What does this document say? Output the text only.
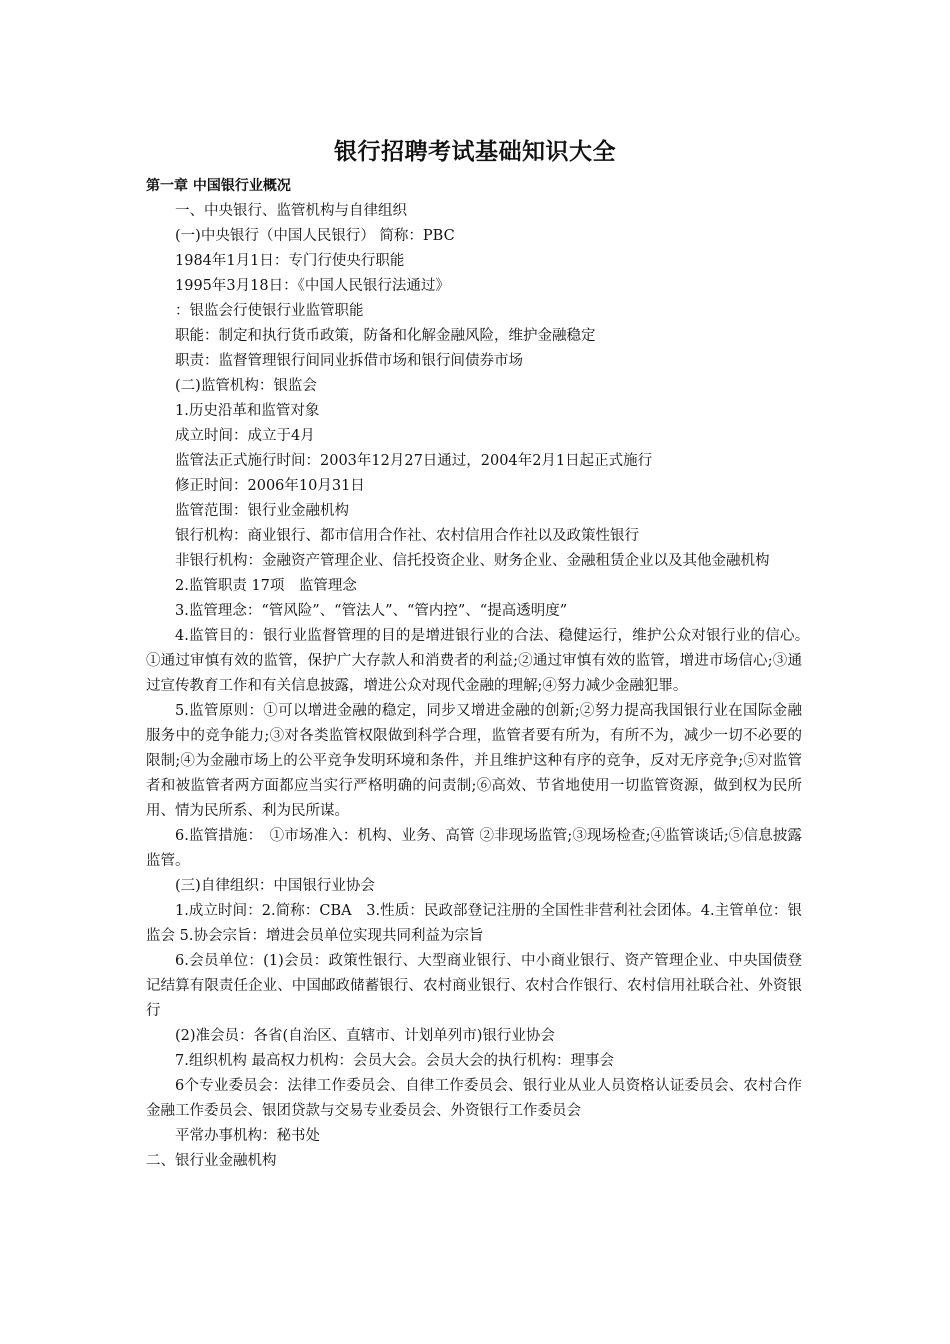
银行招聘考试基础知识大全

第一章 中国银行业概况

一、中央银行、监管机构与自律组织

(一)中央银行（中国人民银行） 简称：PBC

1984年1月1日：专门行使央行职能

1995年3月18日：《中国人民银行法通过》

：银监会行使银行业监管职能

职能：制定和执行货币政策，防备和化解金融风险，维护金融稳定

职责：监督管理银行间同业拆借市场和银行间债券市场

(二)监管机构：银监会

1.历史沿革和监管对象

成立时间：成立于4月

监管法正式施行时间：2003年12月27日通过，2004年2月1日起正式施行

修正时间：2006年10月31日

监管范围：银行业金融机构

银行机构：商业银行、都市信用合作社、农村信用合作社以及政策性银行

非银行机构：金融资产管理企业、信托投资企业、财务企业、金融租赁企业以及其他金融机构

2.监管职责 17项　监管理念

3.监管理念：“管风险”、“管法人”、“管内控”、“提高透明度”

4.监管目的：银行业监督管理的目的是增进银行业的合法、稳健运行，维护公众对银行业的信心。　①通过审慎有效的监管，保护广大存款人和消费者的利益;②通过审慎有效的监管，增进市场信心;③通过宣传教育工作和有关信息披露，增进公众对现代金融的理解;④努力减少金融犯罪。

5.监管原则：①可以增进金融的稳定，同步又增进金融的创新;②努力提高我国银行业在国际金融服务中的竞争能力;③对各类监管权限做到科学合理，监管者要有所为，有所不为，减少一切不必要的限制;④为金融市场上的公平竞争发明环境和条件，并且维护这种有序的竞争，反对无序竞争;⑤对监管者和被监管者两方面都应当实行严格明确的问责制;⑥高效、节省地使用一切监管资源，做到权为民所用、情为民所系、利为民所谋。

6.监管措施：　①市场准入：机构、业务、高管 ②非现场监管;③现场检查;④监管谈话;⑤信息披露监管。

(三)自律组织：中国银行业协会

1.成立时间：2.简称：CBA　3.性质：民政部登记注册的全国性非营利社会团体。4.主管单位：银监会 5.协会宗旨：增进会员单位实现共同利益为宗旨

6.会员单位：(1)会员：政策性银行、大型商业银行、中小商业银行、资产管理企业、中央国债登记结算有限责任企业、中国邮政储蓄银行、农村商业银行、农村合作银行、农村信用社联合社、外资银行

(2)准会员：各省(自治区、直辖市、计划单列市)银行业协会

7.组织机构 最高权力机构：会员大会。会员大会的执行机构：理事会

6个专业委员会：法律工作委员会、自律工作委员会、银行业从业人员资格认证委员会、农村合作金融工作委员会、银团贷款与交易专业委员会、外资银行工作委员会

平常办事机构：秘书处

二、银行业金融机构
